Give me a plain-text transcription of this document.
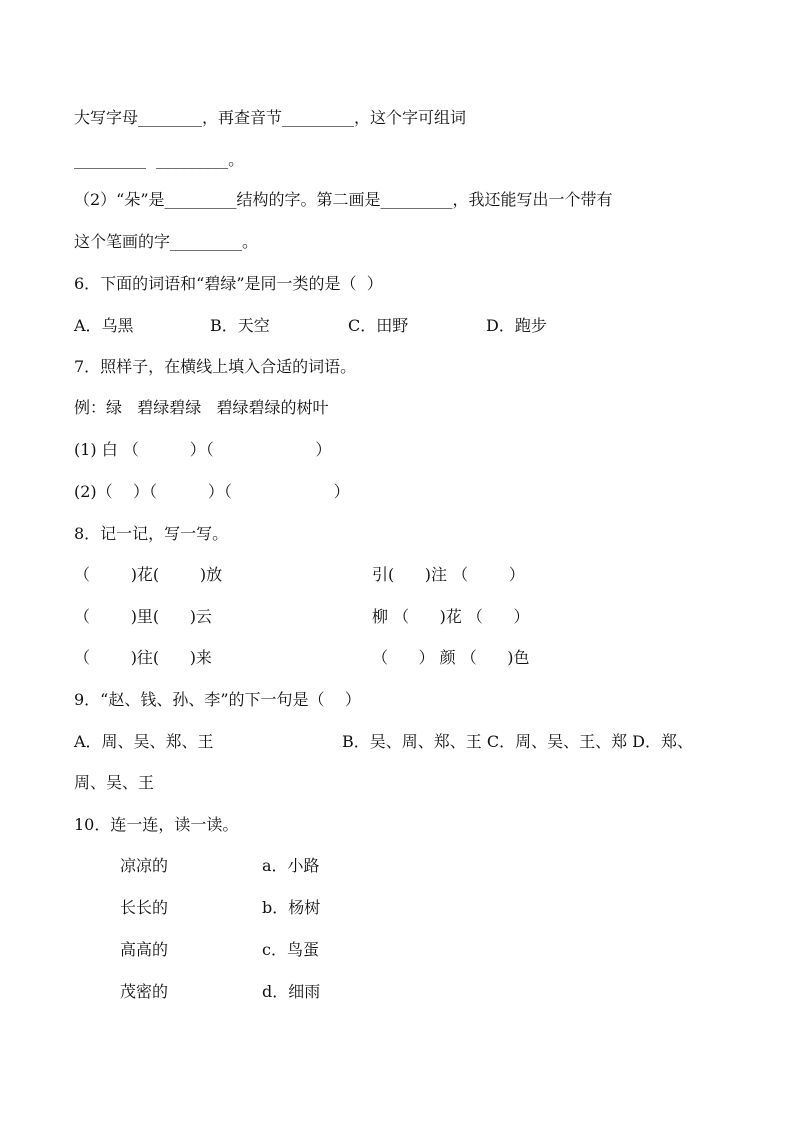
大写字母________，再查音节_________，这个字可组词
_________  _________。
（2）“朵”是_________结构的字。第二画是_________，我还能写出一个带有
这个笔画的字_________。
6．下面的词语和“碧绿”是同一类的是（  ）
A．乌黑	B．天空	C．田野	D．跑步
7．照样子，在横线上填入合适的词语。
例：绿   碧绿碧绿   碧绿碧绿的树叶
(1) 白 （          ）（                    ）
(2)（    ）（          ）（                    ）
8．记一记，写一写。
（        )花(        )放	引(      )注 （        ）
（        )里(      )云	柳 （      )花 （      ）
（        )往(      )来	（      ） 颜 （      )色
9．“赵、钱、孙、李”的下一句是（    ）
A．周、吴、郑、王	B．吴、周、郑、王 C．周、吴、王、郑 D．郑、
周、吴、王
10．连一连，读一读。
凉凉的	a．小路
长长的	b．杨树
高高的	c．鸟蛋
茂密的	d．细雨
